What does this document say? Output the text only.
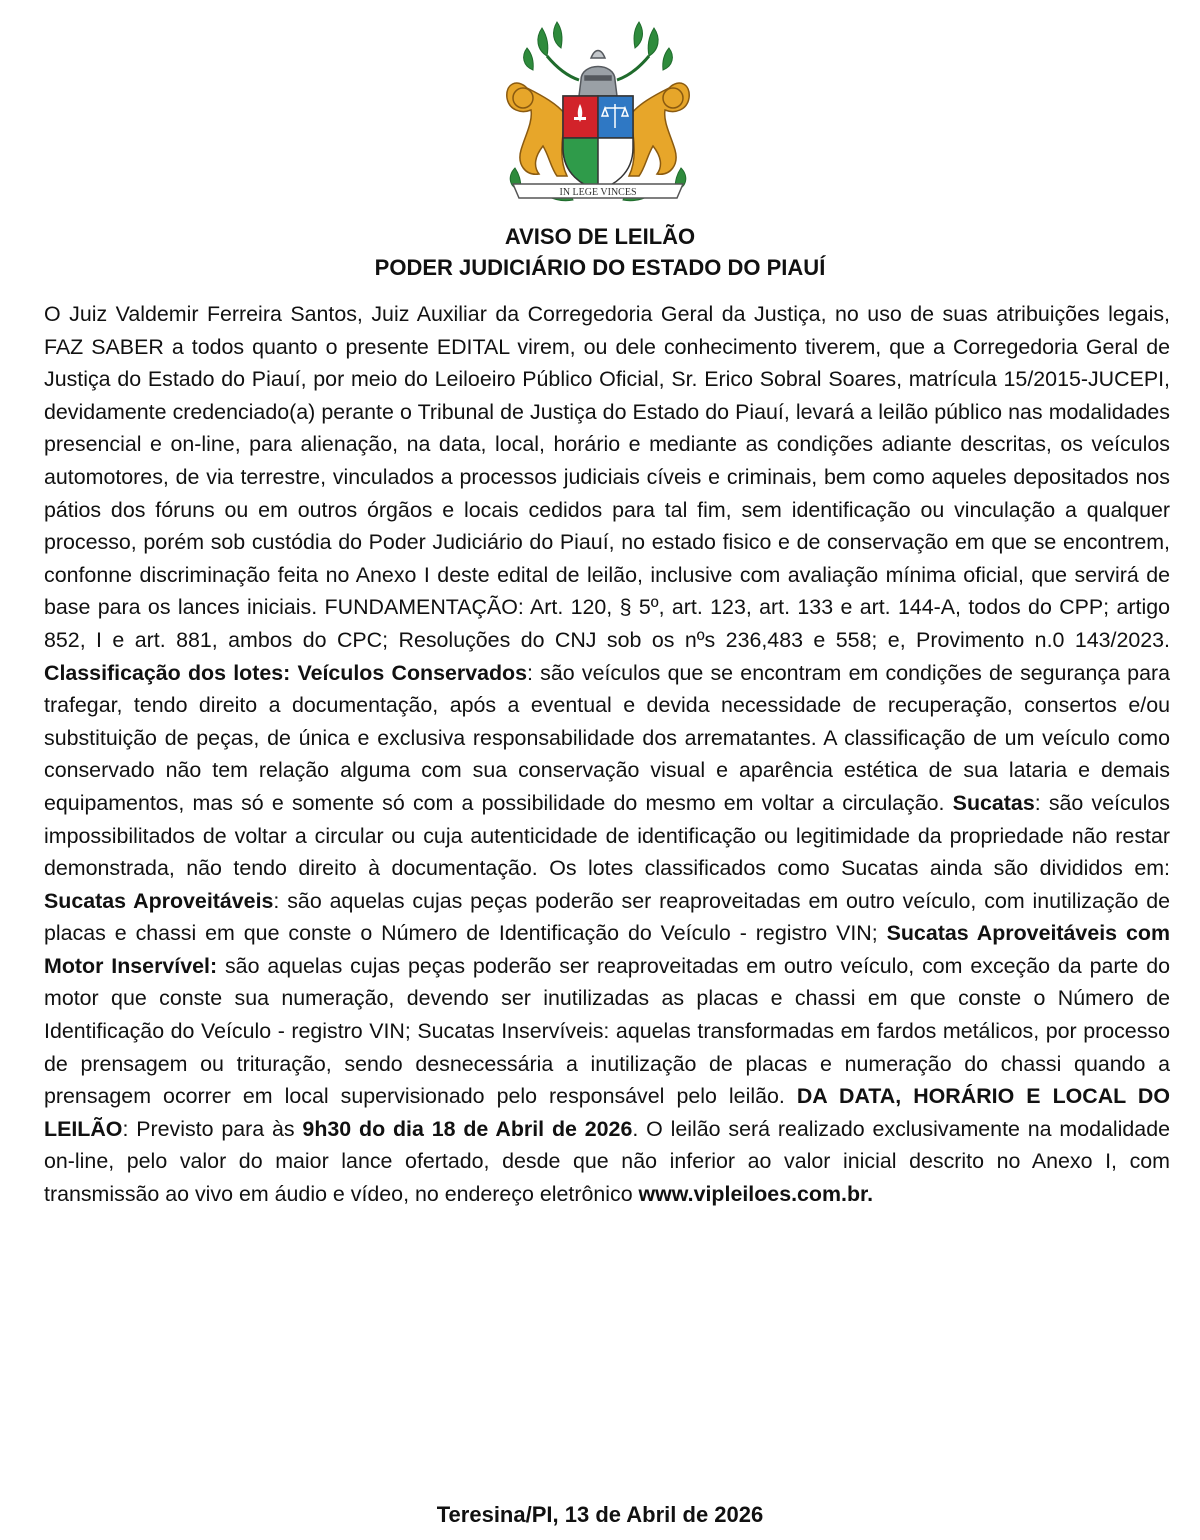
IN LEGE VINCES
AVISO DE LEILÃO
PODER JUDICIÁRIO DO ESTADO DO PIAUÍ
O Juiz Valdemir Ferreira Santos, Juiz Auxiliar da Corregedoria Geral da Justiça, no uso de suas atribuições legais, FAZ SABER a todos quanto o presente EDITAL virem, ou dele conhecimento tiverem, que a Corregedoria Geral de Justiça do Estado do Piauí, por meio do Leiloeiro Público Oficial, Sr. Erico Sobral Soares, matrícula 15/2015-JUCEPI, devidamente credenciado(a) perante o Tribunal de Justiça do Estado do Piauí, levará a leilão público nas modalidades presencial e on-line, para alienação, na data, local, horário e mediante as condições adiante descritas, os veículos automotores, de via terrestre, vinculados a processos judiciais cíveis e criminais, bem como aqueles depositados nos pátios dos fóruns ou em outros órgãos e locais cedidos para tal fim, sem identificação ou vinculação a qualquer processo, porém sob custódia do Poder Judiciário do Piauí, no estado fisico e de conservação em que se encontrem, confonne discriminação feita no Anexo I deste edital de leilão, inclusive com avaliação mínima oficial, que servirá de base para os lances iniciais. FUNDAMENTAÇÃO: Art. 120, § 5º, art. 123, art. 133 e art. 144-A, todos do CPP; artigo 852, I e art. 881, ambos do CPC; Resoluções do CNJ sob os nºs 236,483 e 558; e, Provimento n.0 143/2023. Classificação dos lotes: Veículos Conservados: são veículos que se encontram em condições de segurança para trafegar, tendo direito a documentação, após a eventual e devida necessidade de recuperação, consertos e/ou substituição de peças, de única e exclusiva responsabilidade dos arrematantes. A classificação de um veículo como conservado não tem relação alguma com sua conservação visual e aparência estética de sua lataria e demais equipamentos, mas só e somente só com a possibilidade do mesmo em voltar a circulação. Sucatas: são veículos impossibilitados de voltar a circular ou cuja autenticidade de identificação ou legitimidade da propriedade não restar demonstrada, não tendo direito à documentação. Os lotes classificados como Sucatas ainda são divididos em: Sucatas Aproveitáveis: são aquelas cujas peças poderão ser reaproveitadas em outro veículo, com inutilização de placas e chassi em que conste o Número de Identificação do Veículo - registro VIN; Sucatas Aproveitáveis com Motor Inservível: são aquelas cujas peças poderão ser reaproveitadas em outro veículo, com exceção da parte do motor que conste sua numeração, devendo ser inutilizadas as placas e chassi em que conste o Número de Identificação do Veículo - registro VIN; Sucatas Inservíveis: aquelas transformadas em fardos metálicos, por processo de prensagem ou trituração, sendo desnecessária a inutilização de placas e numeração do chassi quando a prensagem ocorrer em local supervisionado pelo responsável pelo leilão. DA DATA, HORÁRIO E LOCAL DO LEILÃO: Previsto para às 9h30 do dia 18 de Abril de 2026. O leilão será realizado exclusivamente na modalidade on-line, pelo valor do maior lance ofertado, desde que não inferior ao valor inicial descrito no Anexo I, com transmissão ao vivo em áudio e vídeo, no endereço eletrônico www.vipleiloes.com.br.
Teresina/PI, 13 de Abril de 2026
